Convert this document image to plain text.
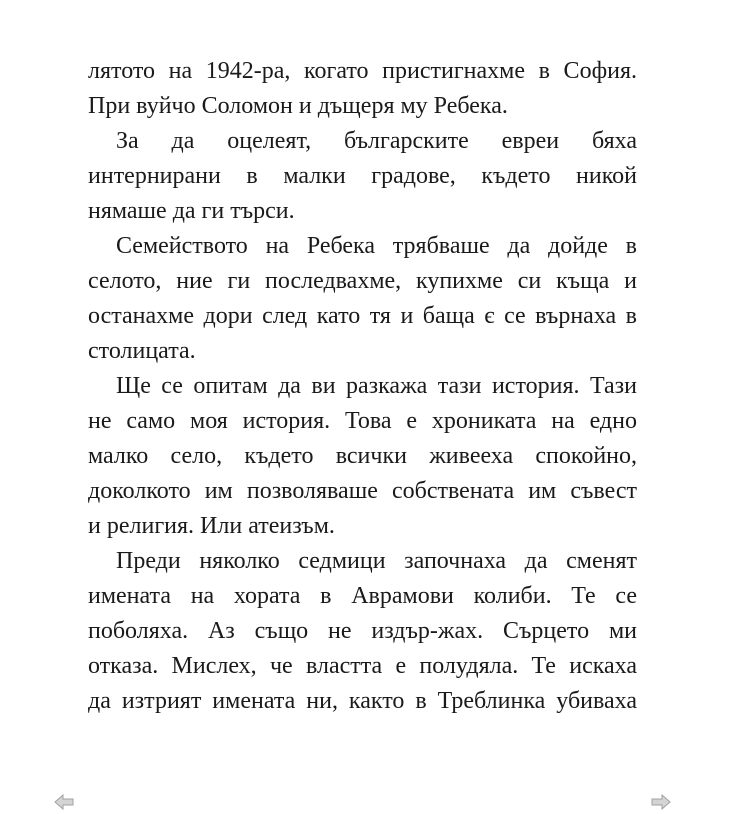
лятото на 1942-ра, когато пристигнахме в София.
При вуйчо Соломон и дъщеря му Ребека.
За да оцелеят, българските евреи бяха
интернирани в малки градове, където никой
нямаше да ги търси.
Семейството на Ребека трябваше да дойде в
селото, ние ги последвахме, купихме си къща и
останахме дори след като тя и баща є се върнаха в
столицата.
Ще се опитам да ви разкажа тази история. Тази
не само моя история. Това е хрониката на едно
малко село, където всички живееха спокойно,
доколкото им позволяваше собствената им съвест
и религия. Или атеизъм.
Преди няколко седмици започнаха да сменят
имената на хората в Аврамови колиби. Те се
поболяха. Аз също не издър-жах. Сърцето ми
отказа. Мислех, че властта е полудяла. Те искаха
да изтрият имената ни, както в Треблинка убиваха
